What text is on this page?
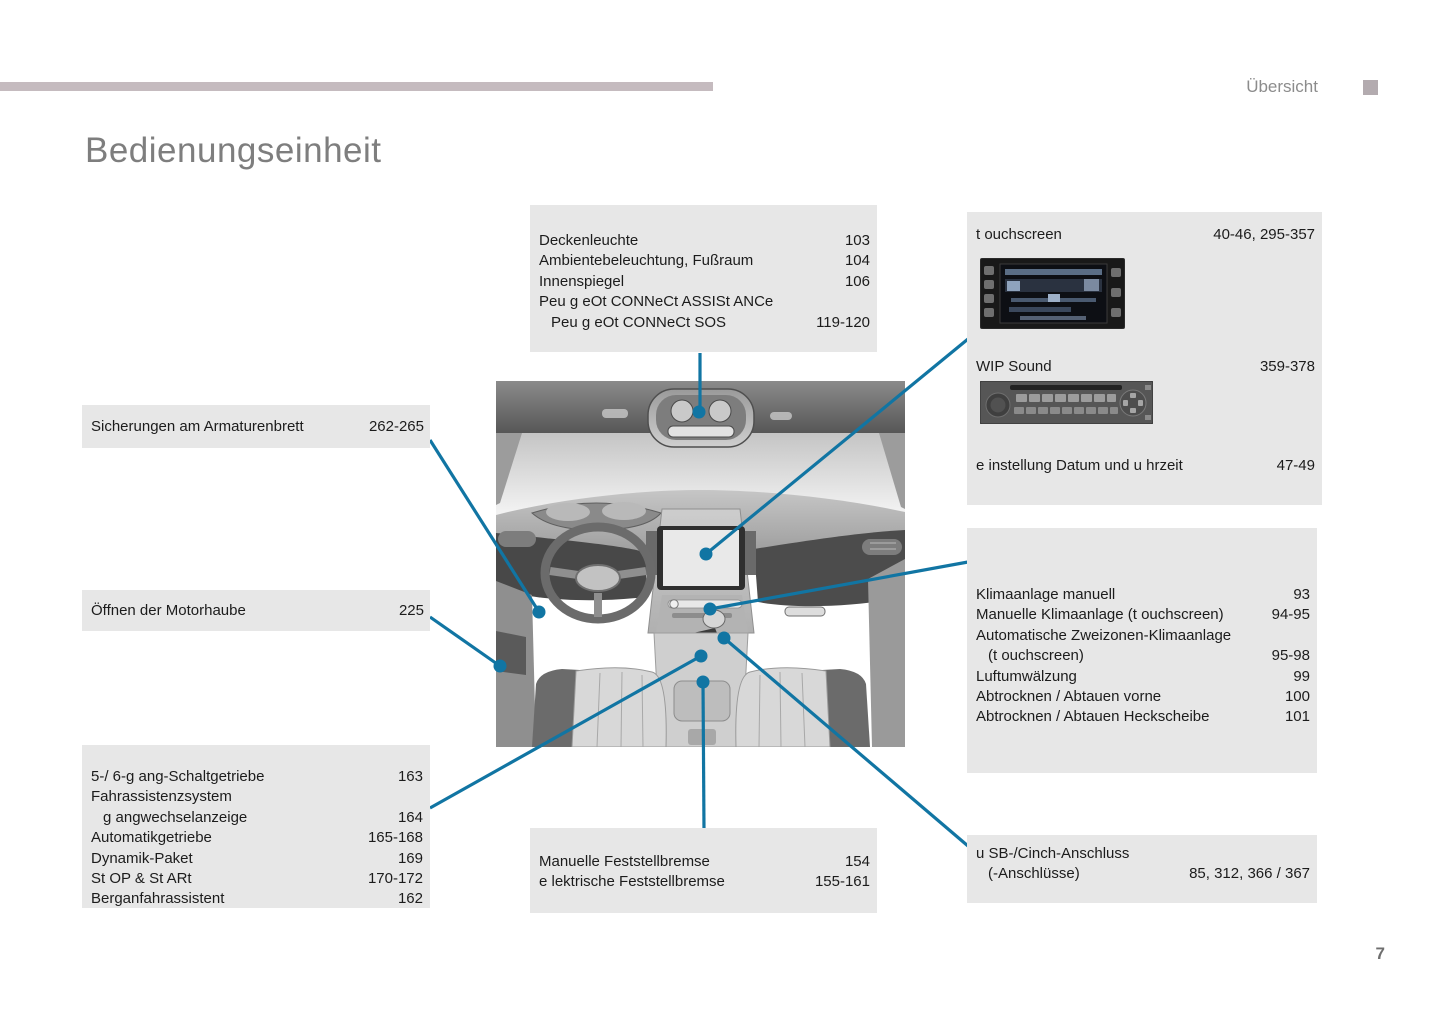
Übersicht
Bedienungseinheit
7
Deckenleuchte	103
Ambientebeleuchtung, Fußraum	104
Innenspiegel	106
Peu g eOt CONNeCt ASSISt ANCe
Peu g eOt CONNeCt SOS	119-120
t ouchscreen	40-46, 295-357
WIP Sound	359-378
e instellung Datum und u hrzeit	47-49
Sicherungen am Armaturenbrett	262-265
Öffnen der Motorhaube	225
5-/ 6-g ang-Schaltgetriebe	163
Fahrassistenzsystem
g angwechselanzeige	164
Automatikgetriebe	165-168
Dynamik-Paket	169
St OP & St ARt	170-172
Berganfahrassistent	162
Manuelle Feststellbremse	154
e lektrische Feststellbremse	155-161
Klimaanlage manuell	93
Manuelle Klimaanlage (t ouchscreen)	94-95
Automatische Zweizonen-Klimaanlage
(t ouchscreen)	95-98
Luftumwälzung	99
Abtrocknen / Abtauen vorne	100
Abtrocknen / Abtauen Heckscheibe	101
u SB-/Cinch-Anschluss
(-Anschlüsse)	85, 312, 366 / 367
